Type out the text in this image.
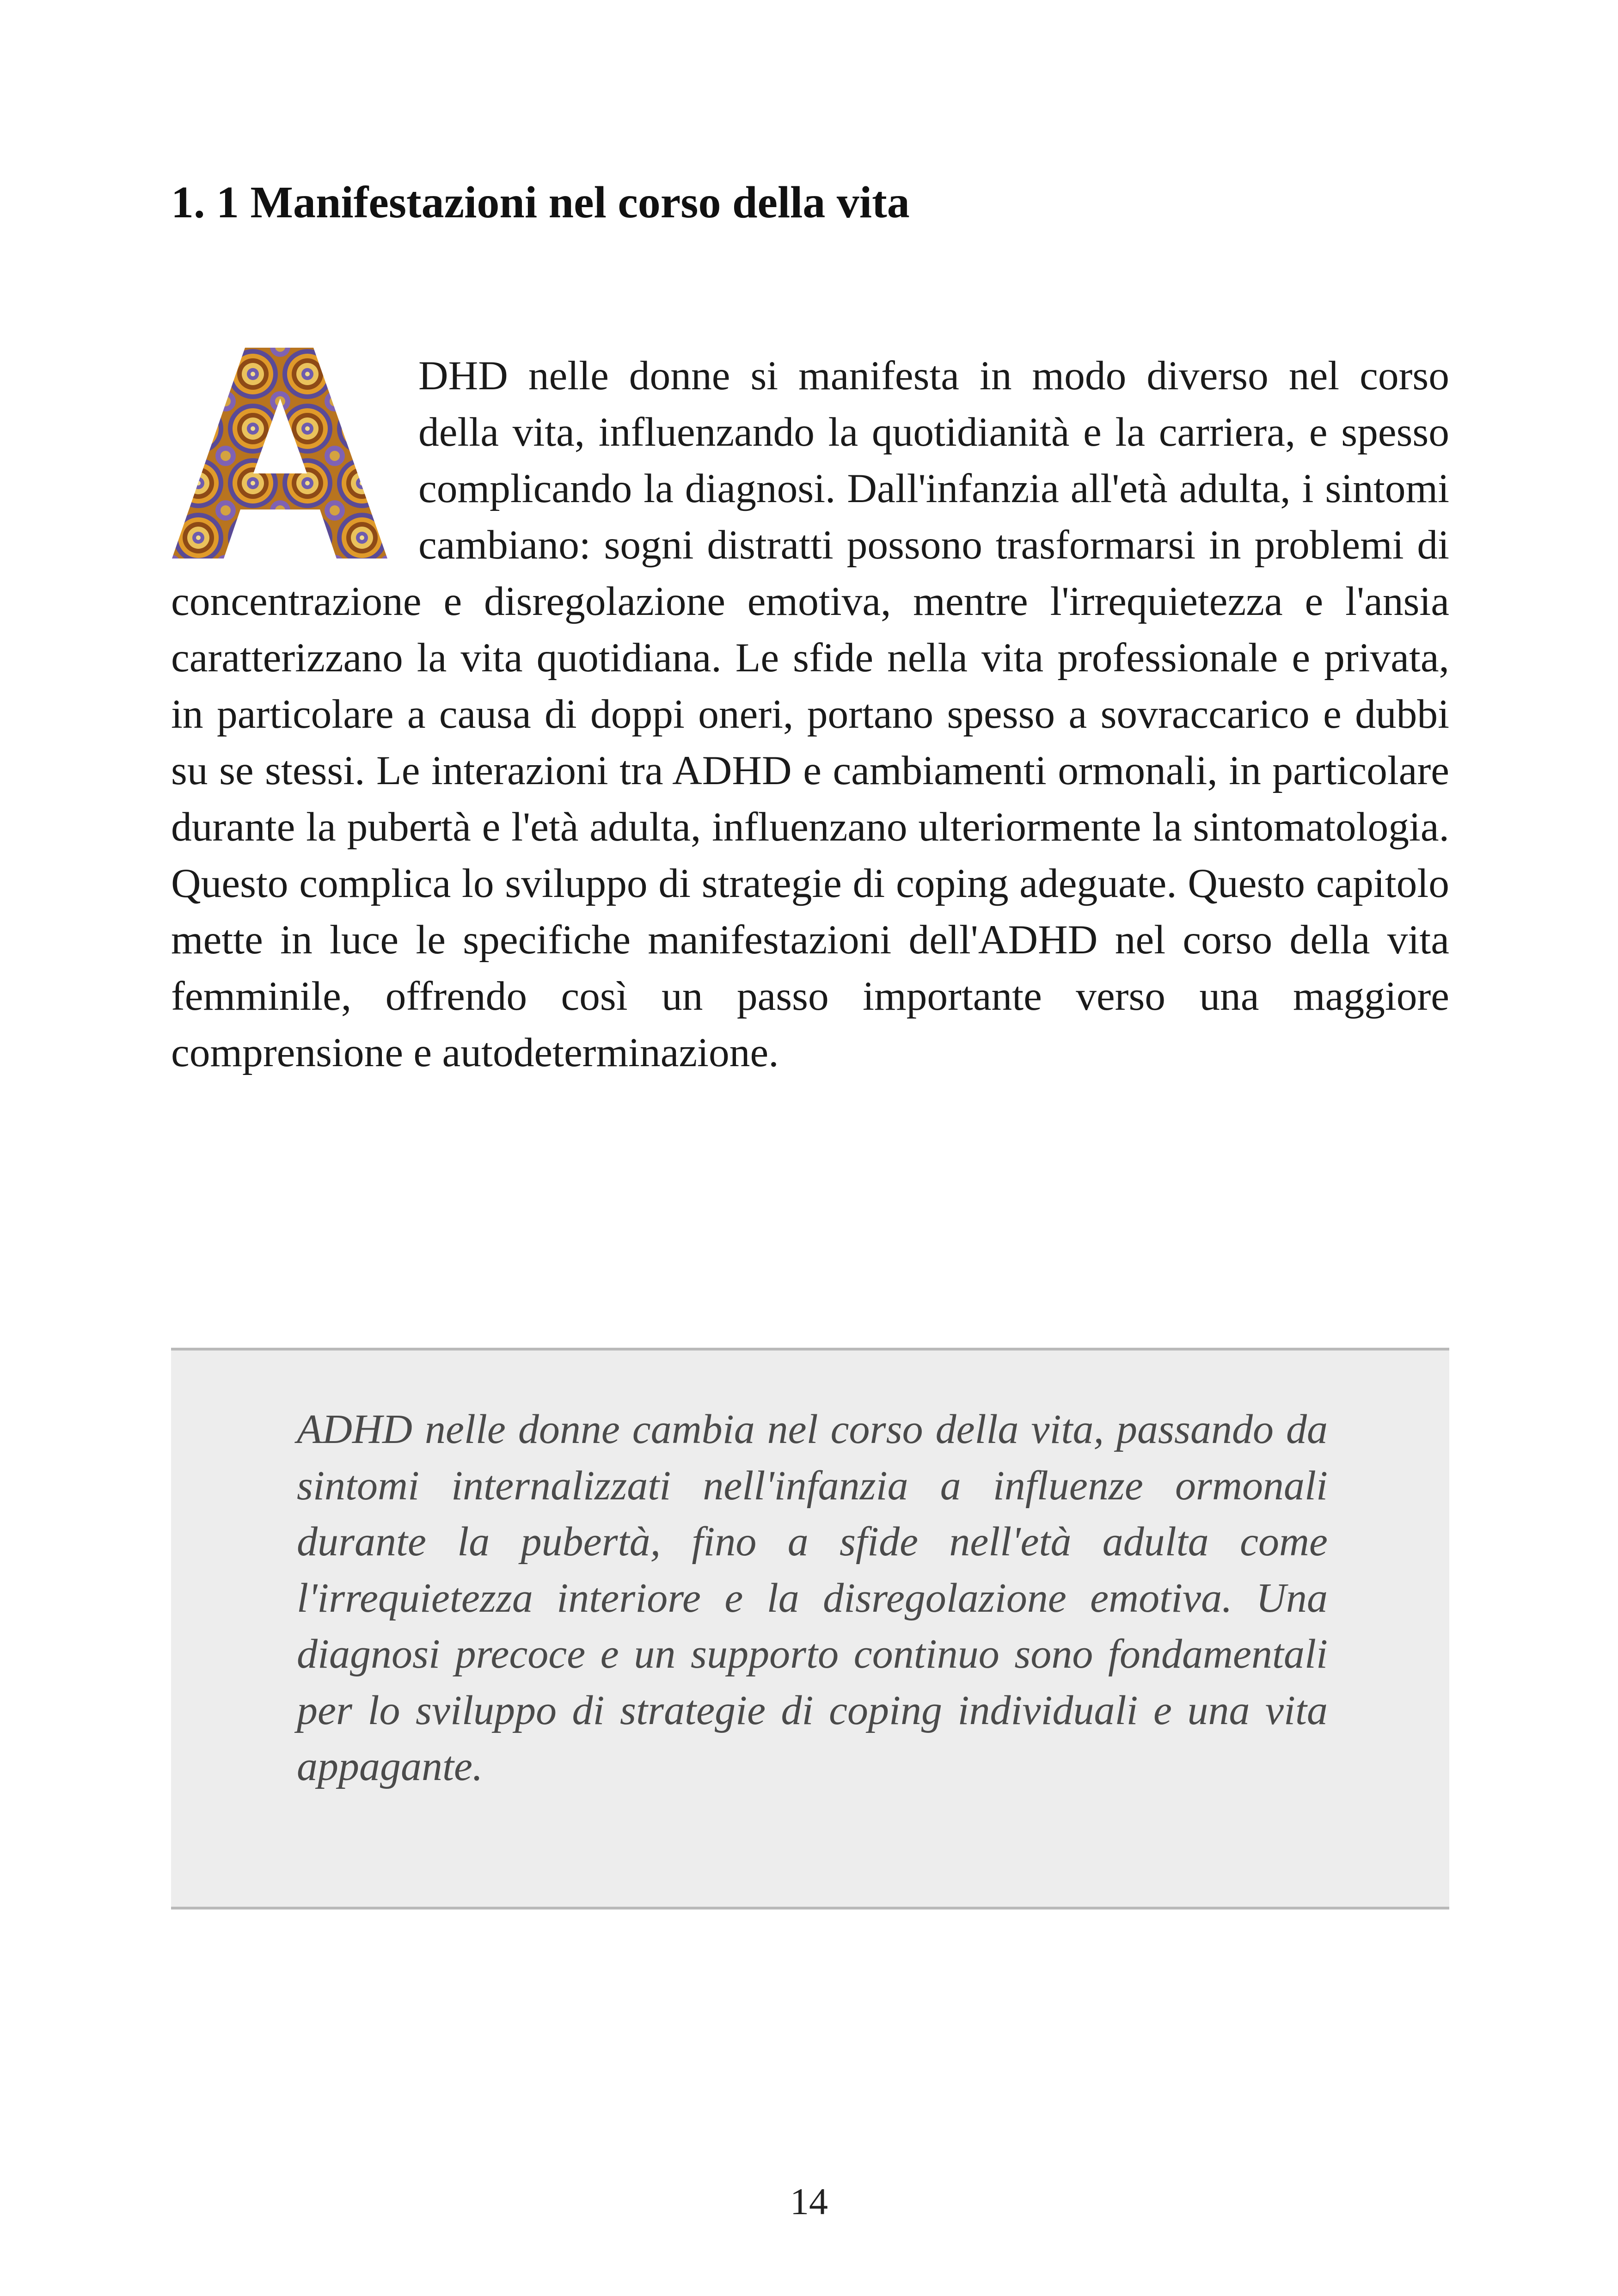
1. 1 Manifestazioni nel corso della vita
DHD nelle donne si manifesta in modo diverso nel corso della vita, influenzando la quotidianità e la carriera, e spesso complicando la diagnosi. Dall'infanzia all'età adulta, i sintomi cambiano: sogni distratti possono trasformarsi in problemi di concentrazione e disregolazione emotiva, mentre l'irrequietezza e l'ansia caratterizzano la vita quotidiana. Le sfide nella vita professionale e privata, in particolare a causa di doppi oneri, portano spesso a sovraccarico e dubbi su se stessi. Le interazioni tra ADHD e cambiamenti ormonali, in particolare durante la pubertà e l'età adulta, influenzano ulteriormente la sintomatologia. Questo complica lo sviluppo di strategie di coping adeguate. Questo capitolo mette in luce le specifiche manifestazioni dell'ADHD nel corso della vita femminile, offrendo così un passo importante verso una maggiore comprensione e autodeterminazione.

ADHD nelle donne cambia nel corso della vita, passando da sintomi internalizzati nell'infanzia a influenze ormonali durante la pubertà, fino a sfide nell'età adulta come l'irrequietezza interiore e la disregolazione emotiva. Una diagnosi precoce e un supporto continuo sono fondamentali per lo sviluppo di strategie di coping individuali e una vita appagante.

14
